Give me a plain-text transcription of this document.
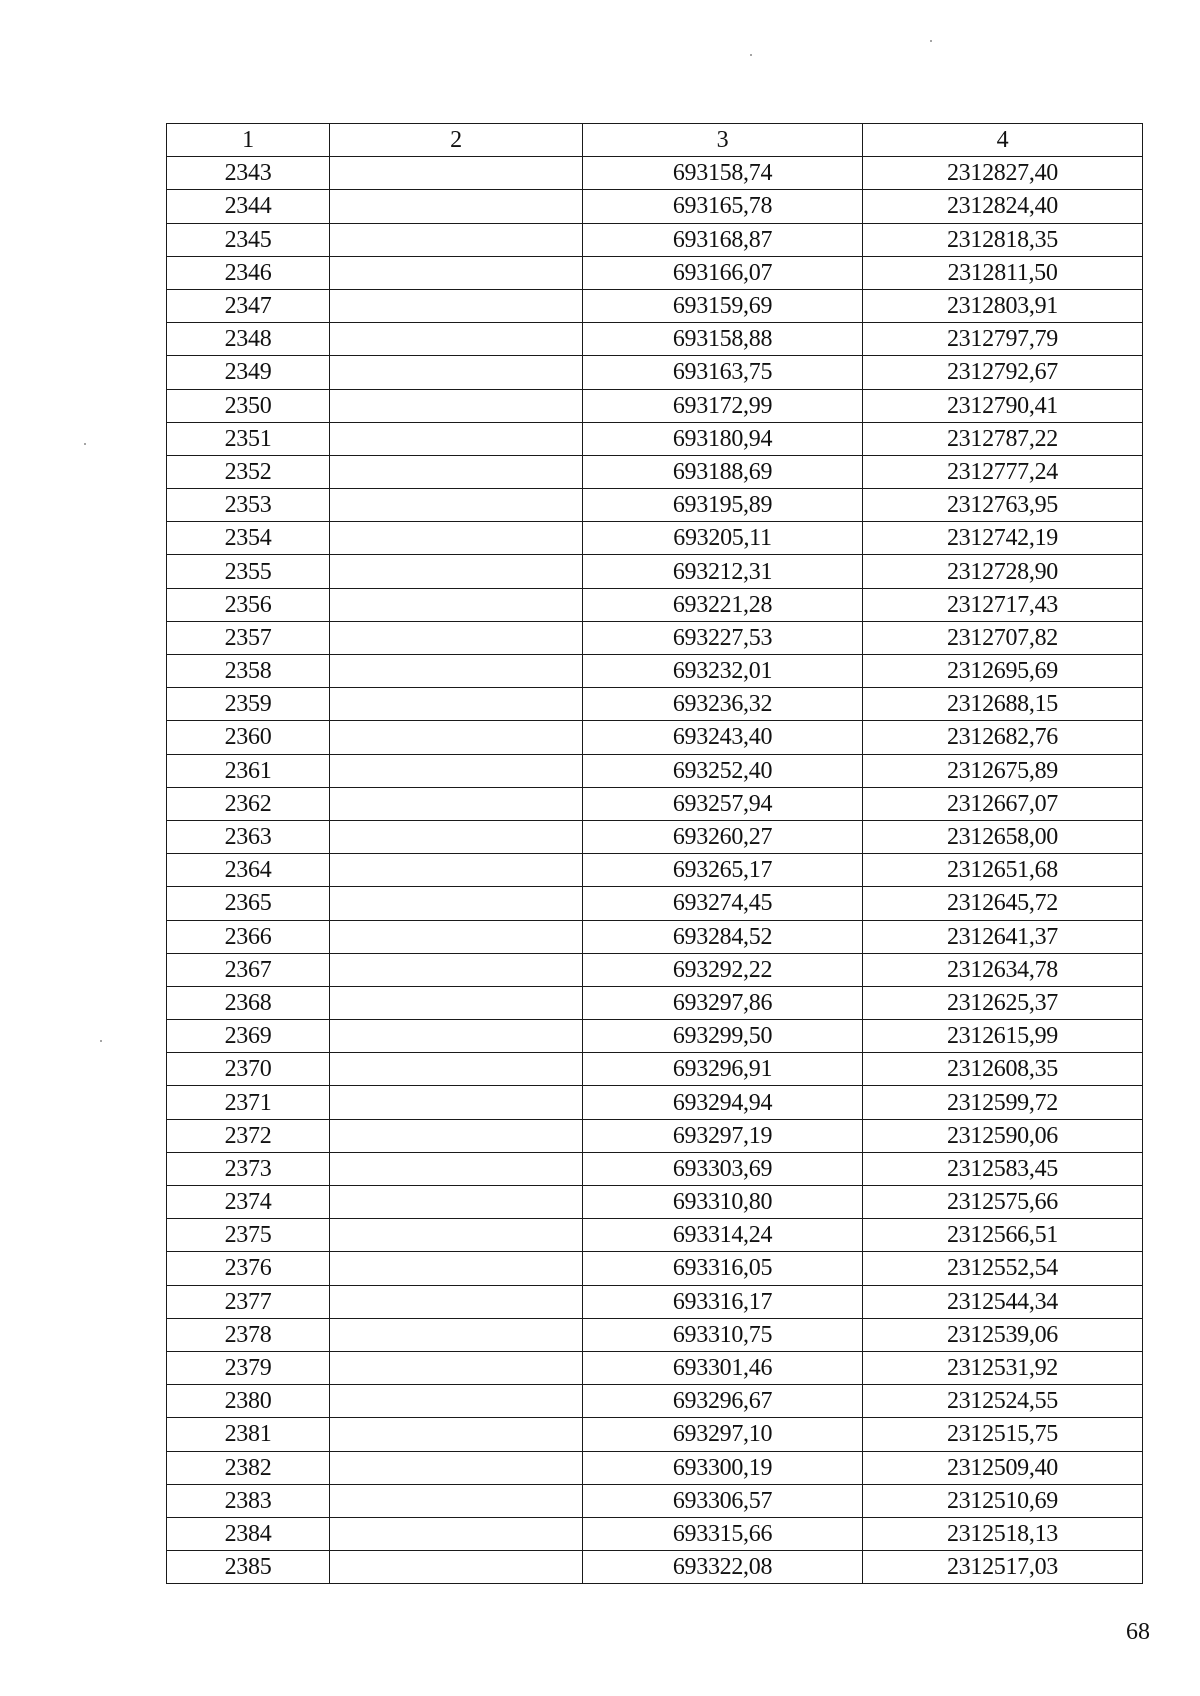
1	2	3	4
2343		693158,74	2312827,40
2344		693165,78	2312824,40
2345		693168,87	2312818,35
2346		693166,07	2312811,50
2347		693159,69	2312803,91
2348		693158,88	2312797,79
2349		693163,75	2312792,67
2350		693172,99	2312790,41
2351		693180,94	2312787,22
2352		693188,69	2312777,24
2353		693195,89	2312763,95
2354		693205,11	2312742,19
2355		693212,31	2312728,90
2356		693221,28	2312717,43
2357		693227,53	2312707,82
2358		693232,01	2312695,69
2359		693236,32	2312688,15
2360		693243,40	2312682,76
2361		693252,40	2312675,89
2362		693257,94	2312667,07
2363		693260,27	2312658,00
2364		693265,17	2312651,68
2365		693274,45	2312645,72
2366		693284,52	2312641,37
2367		693292,22	2312634,78
2368		693297,86	2312625,37
2369		693299,50	2312615,99
2370		693296,91	2312608,35
2371		693294,94	2312599,72
2372		693297,19	2312590,06
2373		693303,69	2312583,45
2374		693310,80	2312575,66
2375		693314,24	2312566,51
2376		693316,05	2312552,54
2377		693316,17	2312544,34
2378		693310,75	2312539,06
2379		693301,46	2312531,92
2380		693296,67	2312524,55
2381		693297,10	2312515,75
2382		693300,19	2312509,40
2383		693306,57	2312510,69
2384		693315,66	2312518,13
2385		693322,08	2312517,03
68
